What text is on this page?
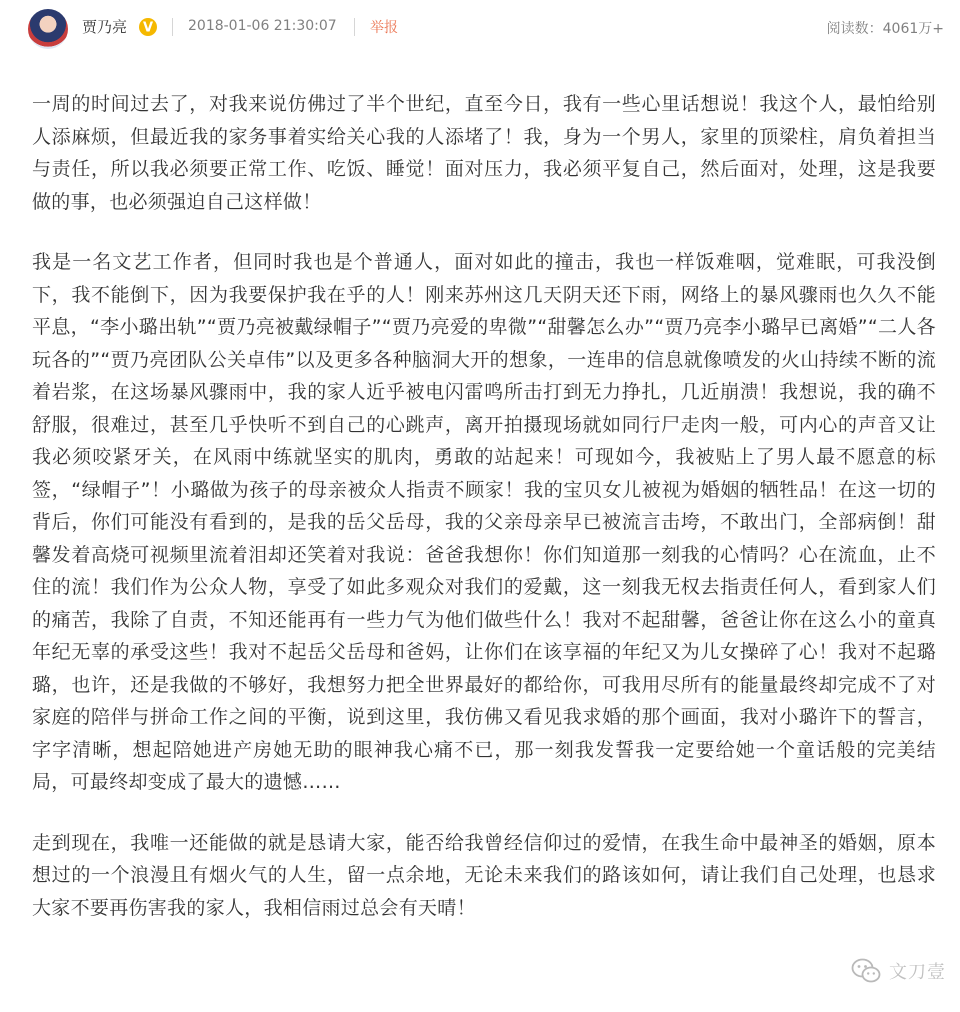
贾乃亮 V 2018-01-06 21:30:07 举报	阅读数：4061万+

一周的时间过去了，对我来说仿佛过了半个世纪，直至今日，我有一些心里话想说！我这个人，最怕给别人添麻烦，但最近我的家务事着实给关心我的人添堵了！我，身为一个男人，家里的顶梁柱，肩负着担当与责任，所以我必须要正常工作、吃饭、睡觉！面对压力，我必须平复自己，然后面对，处理，这是我要做的事，也必须强迫自己这样做！

我是一名文艺工作者，但同时我也是个普通人，面对如此的撞击，我也一样饭难咽，觉难眠，可我没倒下，我不能倒下，因为我要保护我在乎的人！刚来苏州这几天阴天还下雨，网络上的暴风骤雨也久久不能平息，“李小璐出轨”“贾乃亮被戴绿帽子”“贾乃亮爱的卑微”“甜馨怎么办”“贾乃亮李小璐早已离婚”“二人各玩各的”“贾乃亮团队公关卓伟”以及更多各种脑洞大开的想象，一连串的信息就像喷发的火山持续不断的流着岩浆，在这场暴风骤雨中，我的家人近乎被电闪雷鸣所击打到无力挣扎，几近崩溃！我想说，我的确不舒服，很难过，甚至几乎快听不到自己的心跳声，离开拍摄现场就如同行尸走肉一般，可内心的声音又让我必须咬紧牙关，在风雨中练就坚实的肌肉，勇敢的站起来！可现如今，我被贴上了男人最不愿意的标签，“绿帽子”！小璐做为孩子的母亲被众人指责不顾家！我的宝贝女儿被视为婚姻的牺牲品！在这一切的背后，你们可能没有看到的，是我的岳父岳母，我的父亲母亲早已被流言击垮，不敢出门，全部病倒！甜馨发着高烧可视频里流着泪却还笑着对我说：爸爸我想你！你们知道那一刻我的心情吗？心在流血，止不住的流！我们作为公众人物，享受了如此多观众对我们的爱戴，这一刻我无权去指责任何人，看到家人们的痛苦，我除了自责，不知还能再有一些力气为他们做些什么！我对不起甜馨，爸爸让你在这么小的童真年纪无辜的承受这些！我对不起岳父岳母和爸妈，让你们在该享福的年纪又为儿女操碎了心！我对不起璐璐，也许，还是我做的不够好，我想努力把全世界最好的都给你，可我用尽所有的能量最终却完成不了对家庭的陪伴与拼命工作之间的平衡，说到这里，我仿佛又看见我求婚的那个画面，我对小璐许下的誓言，字字清晰，想起陪她进产房她无助的眼神我心痛不已，那一刻我发誓我一定要给她一个童话般的完美结局，可最终却变成了最大的遗憾……

走到现在，我唯一还能做的就是恳请大家，能否给我曾经信仰过的爱情，在我生命中最神圣的婚姻，原本想过的一个浪漫且有烟火气的人生，留一点余地，无论未来我们的路该如何，请让我们自己处理，也恳求大家不要再伤害我的家人，我相信雨过总会有天晴！

文刀壹
